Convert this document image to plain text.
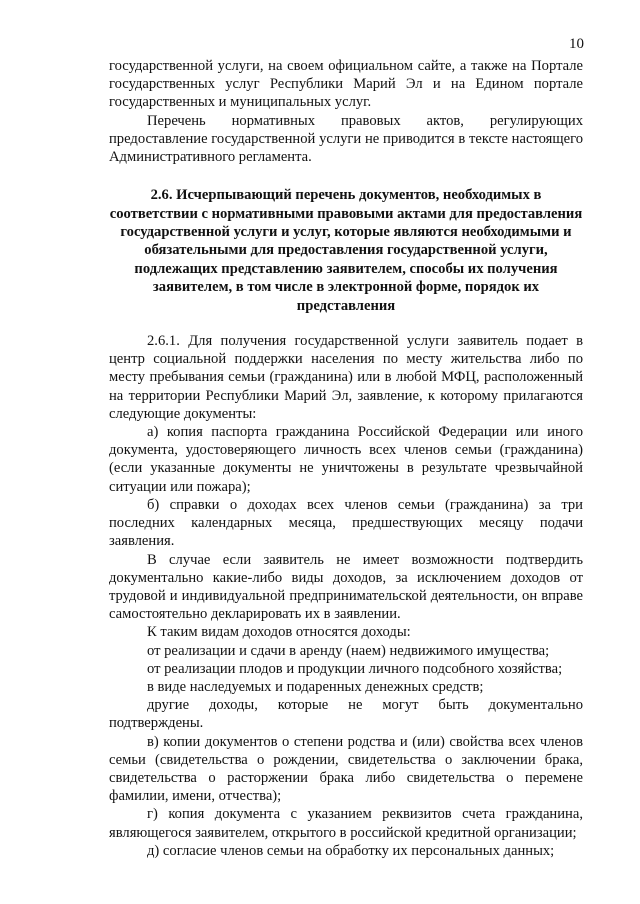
10

государственной услуги, на своем официальном сайте, а также на Портале государственных услуг Республики Марий Эл и на Едином портале государственных и муниципальных услуг.

Перечень нормативных правовых актов, регулирующих предоставление государственной услуги не приводится в тексте настоящего Административного регламента.

2.6. Исчерпывающий перечень документов, необходимых в соответствии с нормативными правовыми актами для предоставления государственной услуги и услуг, которые являются необходимыми и обязательными для предоставления государственной услуги, подлежащих представлению заявителем, способы их получения заявителем, в том числе в электронной форме, порядок их представления

2.6.1. Для получения государственной услуги заявитель подает в центр социальной поддержки населения по месту жительства либо по месту пребывания семьи (гражданина) или в любой МФЦ, расположенный на территории Республики Марий Эл, заявление, к которому прилагаются следующие документы:

а) копия паспорта гражданина Российской Федерации или иного документа, удостоверяющего личность всех членов семьи (гражданина) (если указанные документы не уничтожены в результате чрезвычайной ситуации или пожара);

б) справки о доходах всех членов семьи (гражданина) за три последних календарных месяца, предшествующих месяцу подачи заявления.

В случае если заявитель не имеет возможности подтвердить документально какие-либо виды доходов, за исключением доходов от трудовой и индивидуальной предпринимательской деятельности, он вправе самостоятельно декларировать их в заявлении.

К таким видам доходов относятся доходы:

от реализации и сдачи в аренду (наем) недвижимого имущества;

от реализации плодов и продукции личного подсобного хозяйства;

в виде наследуемых и подаренных денежных средств;

другие доходы, которые не могут быть документально подтверждены.

в) копии документов о степени родства и (или) свойства всех членов семьи (свидетельства о рождении, свидетельства о заключении брака, свидетельства о расторжении брака либо свидетельства о перемене фамилии, имени, отчества);

г) копия документа с указанием реквизитов счета гражданина, являющегося заявителем, открытого в российской кредитной организации;

д) согласие членов семьи на обработку их персональных данных;
